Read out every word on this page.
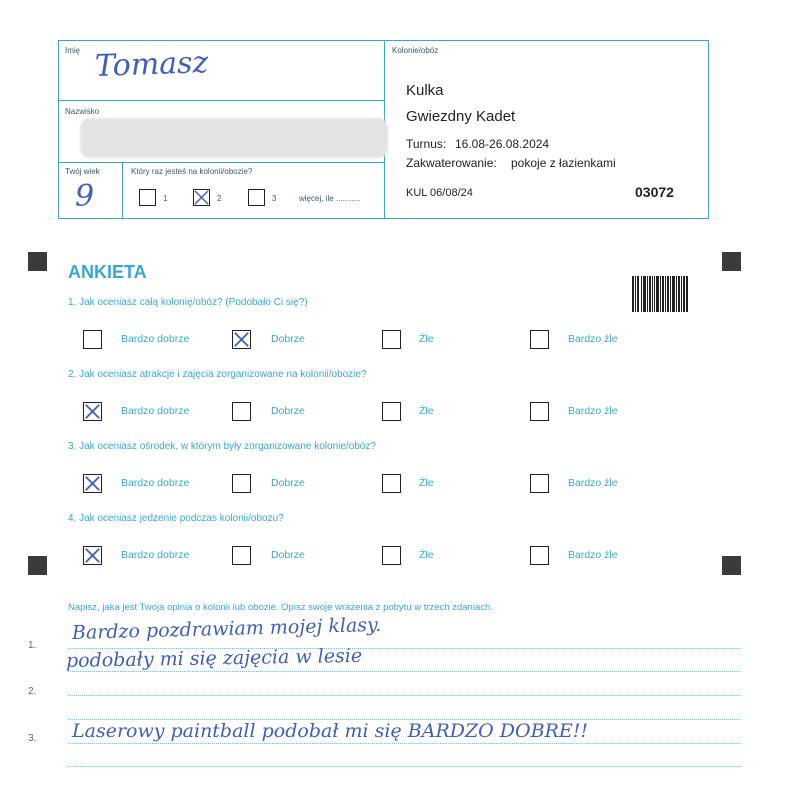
Imię Tomasz
Nazwisko
Twój wiek
9
Który raz jesteś na kolonii/obozie?
1	2	3	więcej, ile ...........
Kolonie/obóz
Kulka
Gwiezdny Kadet
Turnus: 16.08-26.08.2024
Zakwaterowanie: pokoje z łazienkami
KUL 06/08/24	03072
ANKIETA
1. Jak oceniasz całą kolonię/obóz? (Podobało Ci się?)
Bardzo dobrze	Dobrze	Źle	Bardzo źle
2. Jak oceniasz atrakcje i zajęcia zorganizowane na kolonii/obozie?
Bardzo dobrze	Dobrze	Źle	Bardzo źle
3. Jak oceniasz ośrodek, w którym były zorganizowane kolonie/obóz?
Bardzo dobrze	Dobrze	Źle	Bardzo źle
4. Jak oceniasz jedzenie podczas kolonii/obozu?
Bardzo dobrze	Dobrze	Źle	Bardzo źle
Napisz, jaka jest Twoja opinia o kolonii lub obozie. Opisz swoje wrażenia z pobytu w trzech zdaniach.
1.
2.
3.
Bardzo pozdrawiam mojej klasy.
podobały mi się zajęcia w lesie
Laserowy paintball podobał mi się BARDZO DOBRE!!
